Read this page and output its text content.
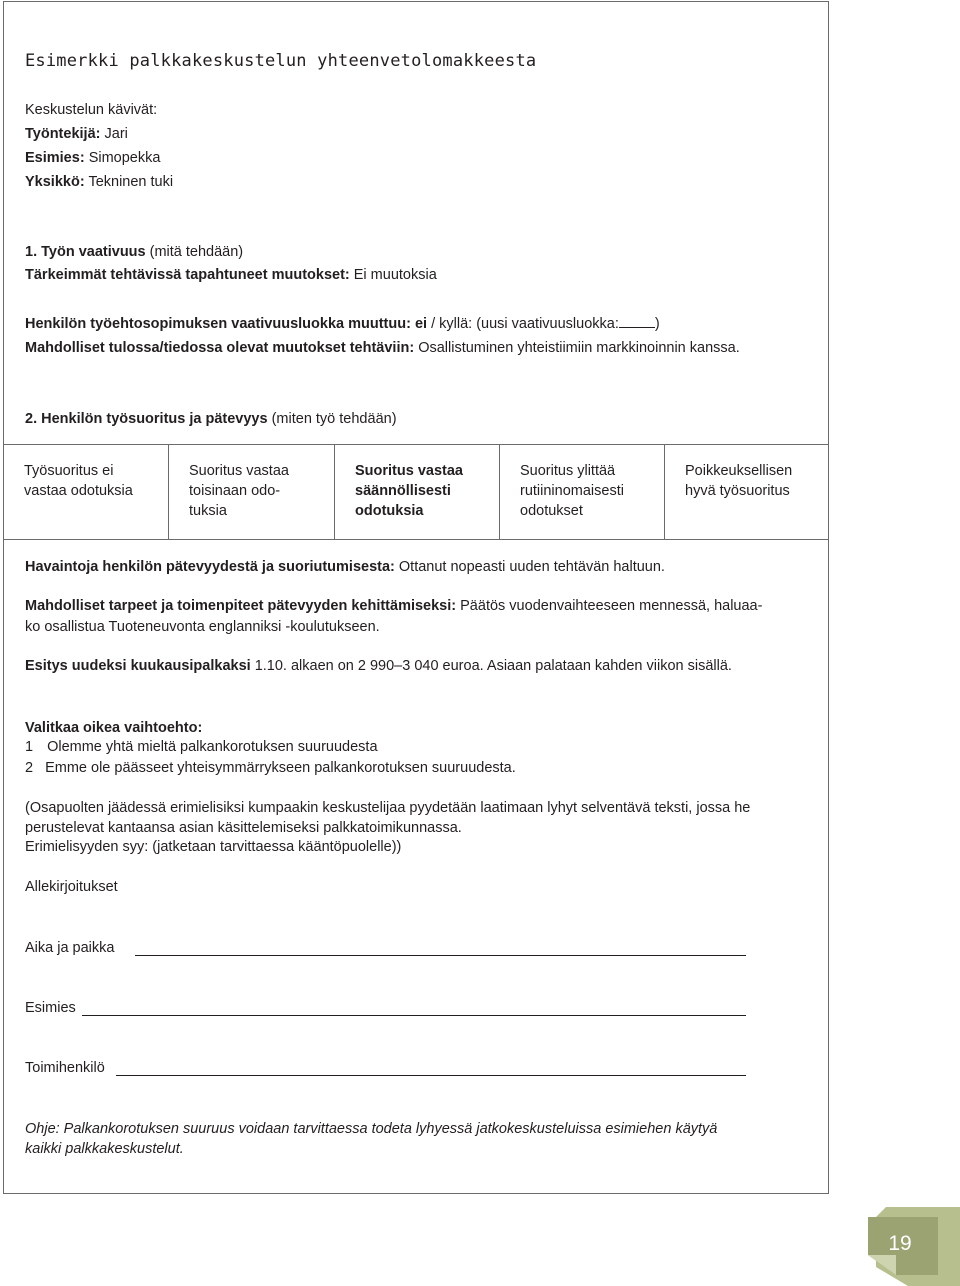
Esimerkki palkkakeskustelun yhteenvetolomakkeesta
Keskustelun kävivät:
Työntekijä: Jari
Esimies: Simopekka
Yksikkö: Tekninen tuki
1. Työn vaativuus (mitä tehdään)
Tärkeimmät tehtävissä tapahtuneet muutokset: Ei muutoksia
Henkilön työehtosopimuksen vaativuusluokka muuttuu: ei / kyllä: (uusi vaativuusluokka: )
Mahdolliset tulossa/tiedossa olevat muutokset tehtäviin: Osallistuminen yhteistiimiin markkinoinnin kanssa.
2. Henkilön työsuoritus ja pätevyys (miten työ tehdään)
Työsuoritus ei
vastaa odotuksia
Suoritus vastaa
toisinaan odo-
tuksia
Suoritus vastaa
säännöllisesti
odotuksia
Suoritus ylittää
rutiininomaisesti
odotukset
Poikkeuksellisen
hyvä työsuoritus
Havaintoja henkilön pätevyydestä ja suoriutumisesta: Ottanut nopeasti uuden tehtävän haltuun.
Mahdolliset tarpeet ja toimenpiteet pätevyyden kehittämiseksi: Päätös vuodenvaihteeseen mennessä, haluaa-
ko osallistua Tuoteneuvonta englanniksi -koulutukseen.
Esitys uudeksi kuukausipalkaksi 1.10. alkaen on 2 990–3 040 euroa. Asiaan palataan kahden viikon sisällä.
Valitkaa oikea vaihtoehto:
1 Olemme yhtä mieltä palkankorotuksen suuruudesta
2 Emme ole päässeet yhteisymmärrykseen palkankorotuksen suuruudesta.
(Osapuolten jäädessä erimielisiksi kumpaakin keskustelijaa pyydetään laatimaan lyhyt selventävä teksti, jossa he
perustelevat kantaansa asian käsittelemiseksi palkkatoimikunnassa.
Erimielisyyden syy: (jatketaan tarvittaessa kääntöpuolelle))
Allekirjoitukset
Aika ja paikka
Esimies
Toimihenkilö
Ohje: Palkankorotuksen suuruus voidaan tarvittaessa todeta lyhyessä jatkokeskusteluissa esimiehen käytyä
kaikki palkkakeskustelut.
19
